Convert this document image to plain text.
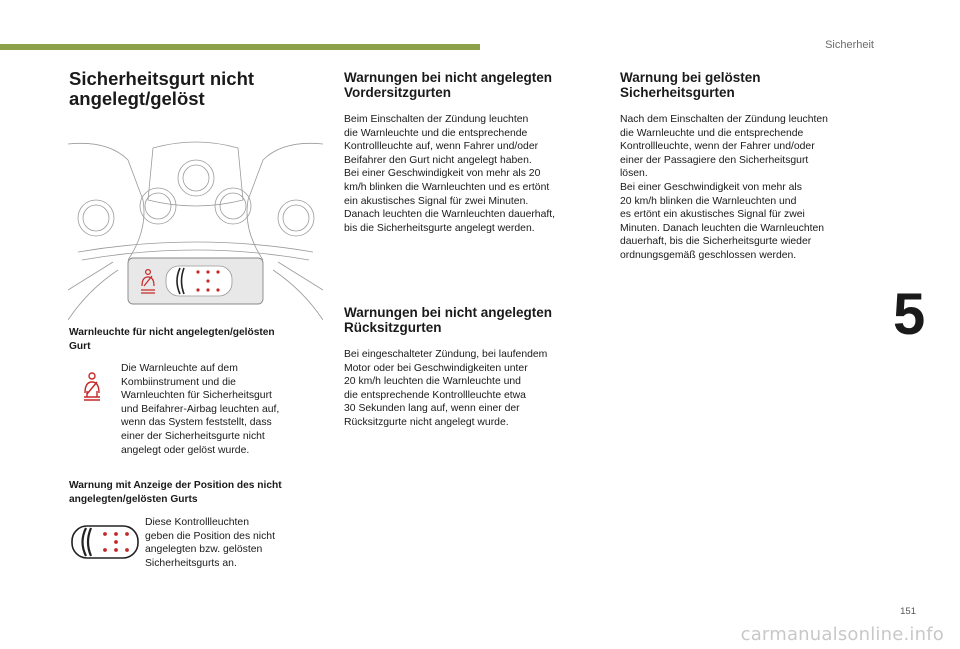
Sicherheit
5
151
carmanualsonline.info
Sicherheitsgurt nicht
angelegt/gelöst

Warnleuchte für nicht angelegten/gelösten
Gurt

Die Warnleuchte auf dem
Kombiinstrument und die
Warnleuchten für Sicherheitsgurt
und Beifahrer-Airbag leuchten auf,
wenn das System feststellt, dass
einer der Sicherheitsgurte nicht
angelegt oder gelöst wurde.

Warnung mit Anzeige der Position des nicht
angelegten/gelösten Gurts

Diese Kontrollleuchten
geben die Position des nicht
angelegten bzw. gelösten
Sicherheitsgurts an.

Warnungen bei nicht angelegten
Vordersitzgurten

Beim Einschalten der Zündung leuchten
die Warnleuchte und die entsprechende
Kontrollleuchte auf, wenn Fahrer und/oder
Beifahrer den Gurt nicht angelegt haben.
Bei einer Geschwindigkeit von mehr als 20
km/h blinken die Warnleuchten und es ertönt
ein akustisches Signal für zwei Minuten.
Danach leuchten die Warnleuchten dauerhaft,
bis die Sicherheitsgurte angelegt werden.

Warnungen bei nicht angelegten
Rücksitzgurten

Bei eingeschalteter Zündung, bei laufendem
Motor oder bei Geschwindigkeiten unter
20 km/h leuchten die Warnleuchte und
die entsprechende Kontrollleuchte etwa
30 Sekunden lang auf, wenn einer der
Rücksitzgurte nicht angelegt wurde.

Warnung bei gelösten
Sicherheitsgurten

Nach dem Einschalten der Zündung leuchten
die Warnleuchte und die entsprechende
Kontrollleuchte, wenn der Fahrer und/oder
einer der Passagiere den Sicherheitsgurt
lösen.
Bei einer Geschwindigkeit von mehr als
20 km/h blinken die Warnleuchten und
es ertönt ein akustisches Signal für zwei
Minuten. Danach leuchten die Warnleuchten
dauerhaft, bis die Sicherheitsgurte wieder
ordnungsgemäß geschlossen werden.
